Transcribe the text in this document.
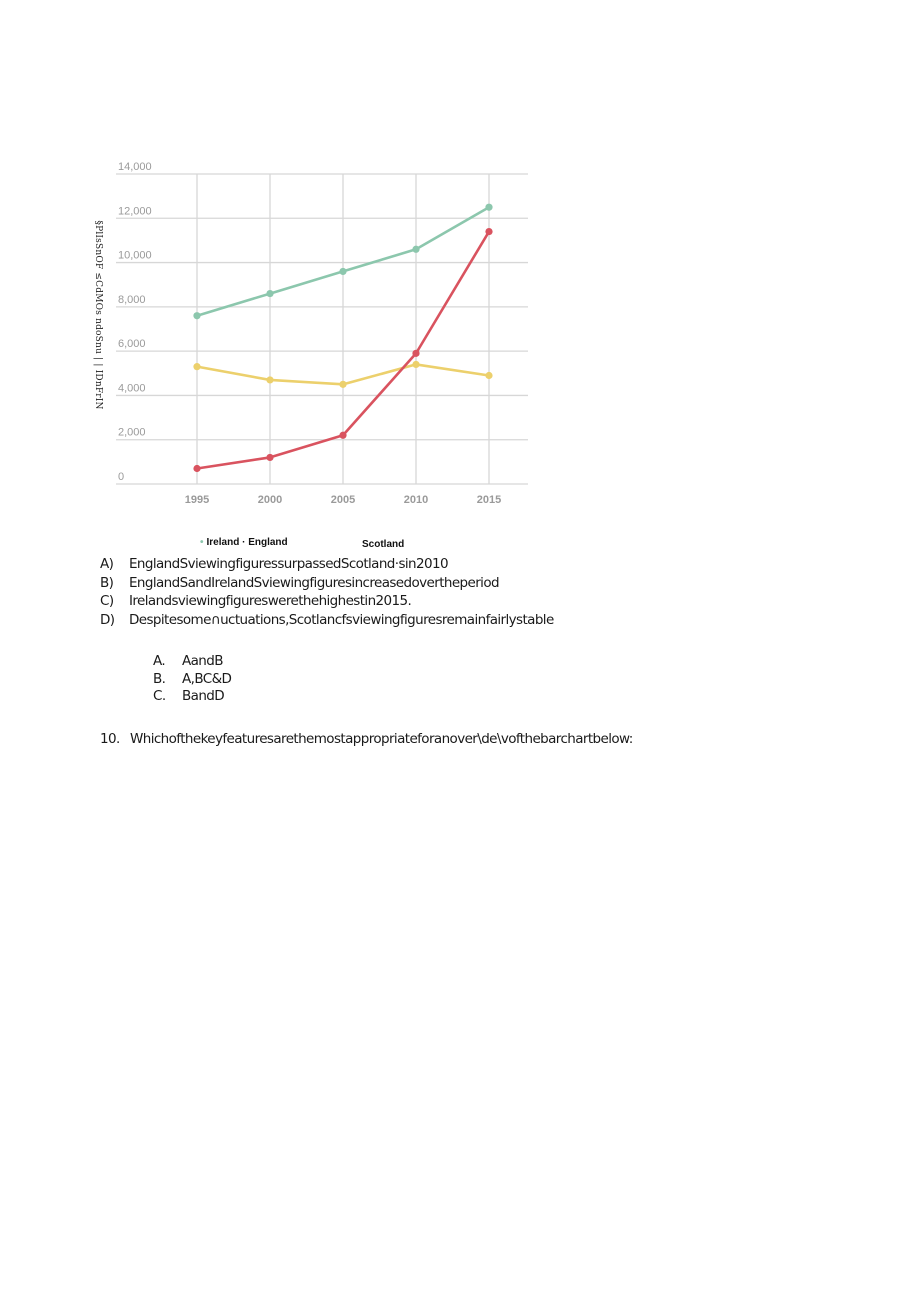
0
2,000
4,000
6,000
8,000
10,000
12,000
14,000
1995	2000	2005	2010	2015
§PlIsSnOF ≤CdMOs ndoSnu | | ⅠDnFrⅠN
• Ireland · England	Scotland
A)	EnglandSviewingfiguressurpassedScotland·sin2010
B)	EnglandSandIrelandSviewingfiguresincreasedovertheperiod
C)	Irelandsviewingfigureswerethehighestin2015.
D)	Despitesome∩uctuations,Scotlancfsviewingfiguresremainfairlystable
A.	AandB
B.	A,BC&D
C.	BandD
10. Whichofthekeyfeaturesarethemostappropriateforanover\de\vofthebarchartbelow:
